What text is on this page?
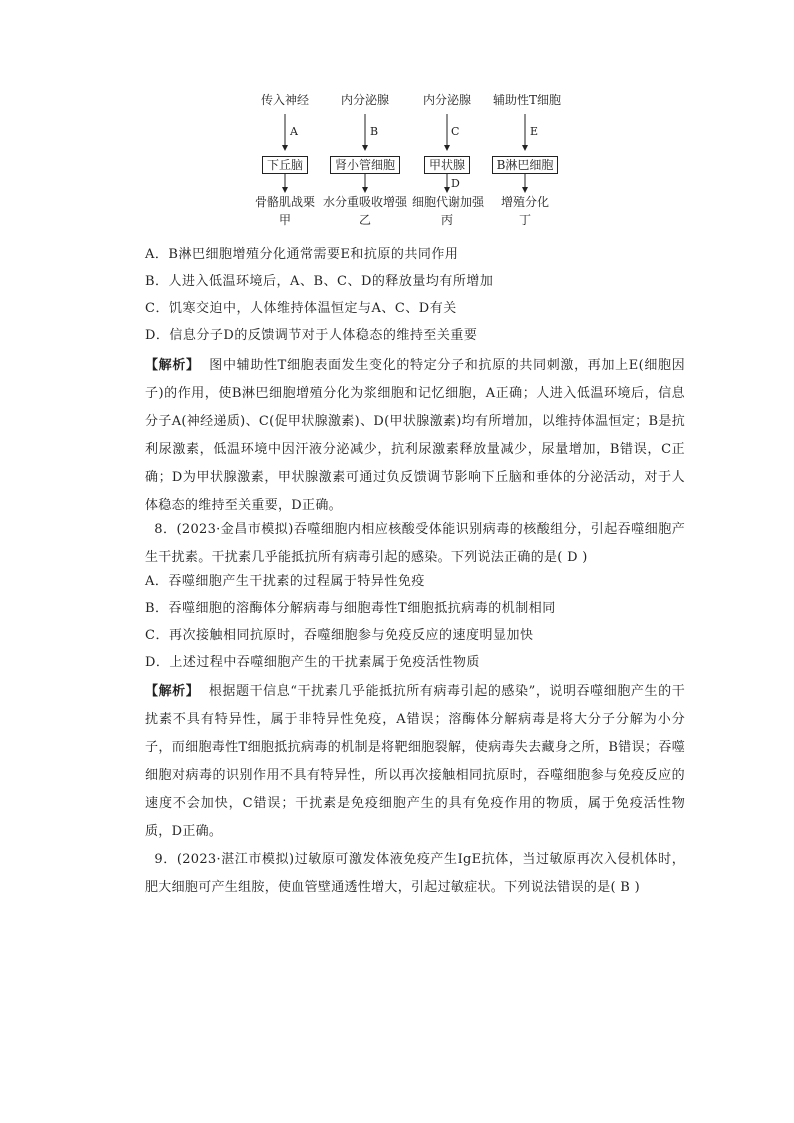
传入神经
A
下丘脑
骨骼肌战栗
甲
内分泌腺
B
肾小管细胞
水分重吸收增强
乙
内分泌腺
C
甲状腺
D
细胞代谢加强
丙
辅助性T细胞
E
B淋巴细胞
增殖分化
丁
A．B淋巴细胞增殖分化通常需要E和抗原的共同作用
B．人进入低温环境后，A、B、C、D的释放量均有所增加
C．饥寒交迫中，人体维持体温恒定与A、C、D有关
D．信息分子D的反馈调节对于人体稳态的维持至关重要
【解析】 图中辅助性T细胞表面发生变化的特定分子和抗原的共同刺激，再加上E(细胞因子)的作用，使B淋巴细胞增殖分化为浆细胞和记忆细胞，A正确；人进入低温环境后，信息分子A(神经递质)、C(促甲状腺激素)、D(甲状腺激素)均有所增加，以维持体温恒定；B是抗利尿激素，低温环境中因汗液分泌减少，抗利尿激素释放量减少，尿量增加，B错误，C正确；D为甲状腺激素，甲状腺激素可通过负反馈调节影响下丘脑和垂体的分泌活动，对于人体稳态的维持至关重要，D正确。
8．(2023·金昌市模拟)吞噬细胞内相应核酸受体能识别病毒的核酸组分，引起吞噬细胞产生干扰素。干扰素几乎能抵抗所有病毒引起的感染。下列说法正确的是( D )
A．吞噬细胞产生干扰素的过程属于特异性免疫
B．吞噬细胞的溶酶体分解病毒与细胞毒性T细胞抵抗病毒的机制相同
C．再次接触相同抗原时，吞噬细胞参与免疫反应的速度明显加快
D．上述过程中吞噬细胞产生的干扰素属于免疫活性物质
【解析】 根据题干信息“干扰素几乎能抵抗所有病毒引起的感染”，说明吞噬细胞产生的干扰素不具有特异性，属于非特异性免疫，A错误；溶酶体分解病毒是将大分子分解为小分子，而细胞毒性T细胞抵抗病毒的机制是将靶细胞裂解，使病毒失去藏身之所，B错误；吞噬细胞对病毒的识别作用不具有特异性，所以再次接触相同抗原时，吞噬细胞参与免疫反应的速度不会加快，C错误；干扰素是免疫细胞产生的具有免疫作用的物质，属于免疫活性物质，D正确。
9．(2023·湛江市模拟)过敏原可激发体液免疫产生IgE抗体，当过敏原再次入侵机体时，肥大细胞可产生组胺，使血管壁通透性增大，引起过敏症状。下列说法错误的是( B )
